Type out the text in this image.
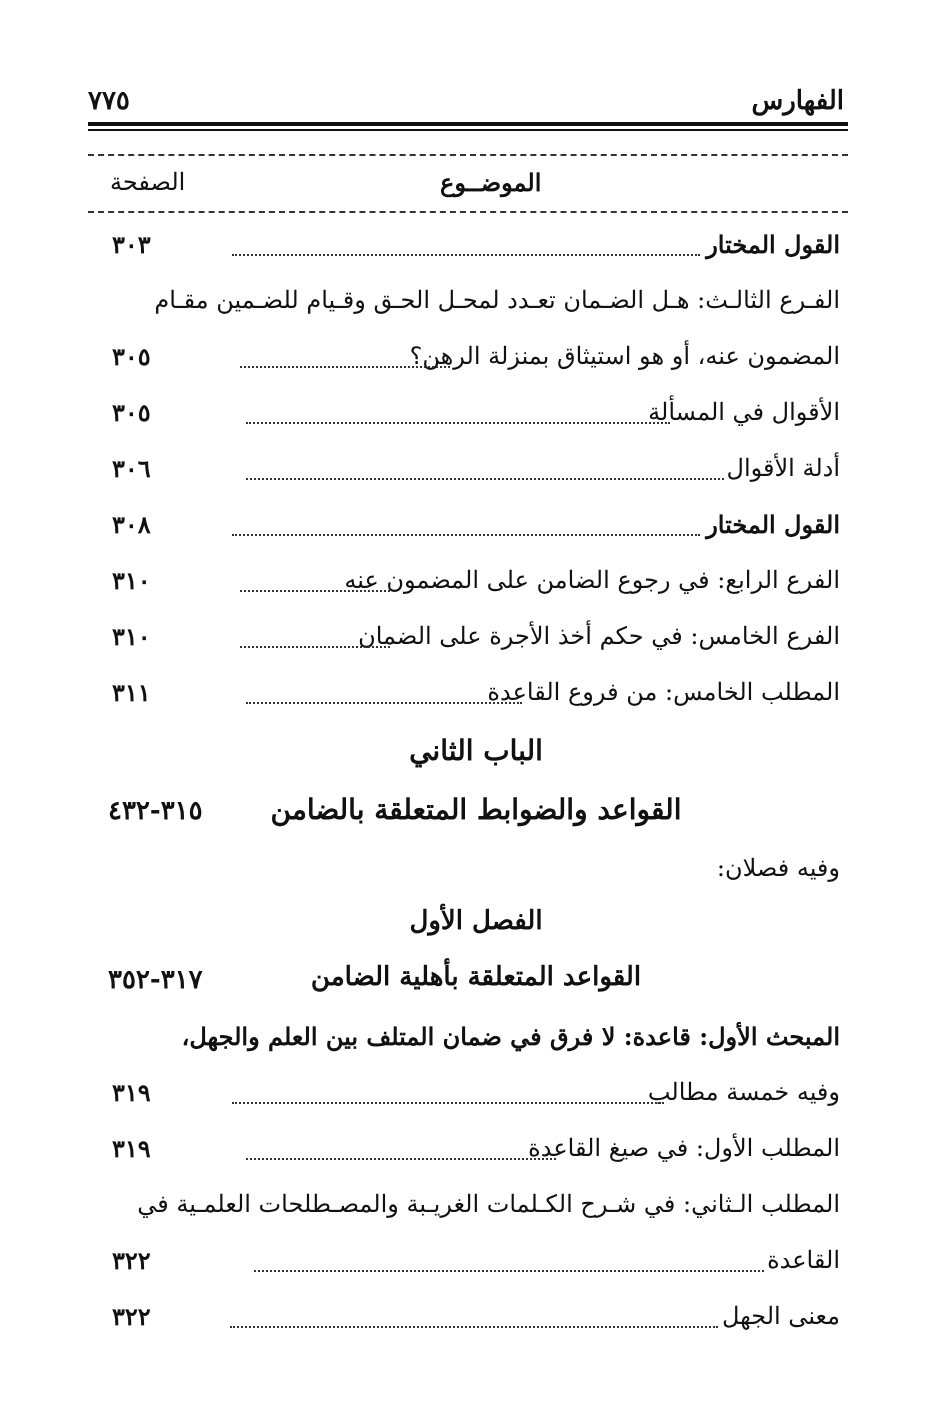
الفهارس
٧٧٥
الموضــوع
الصفحة
القول المختار
٣٠٣
الفـرع الثالـث: هـل الضـمان تعـدد لمحـل الحـق وقـيام للضـمين مقـام
المضمون عنه، أو هو استيثاق بمنزلة الرهن؟
٣٠٥
الأقوال في المسألة
٣٠٥
أدلة الأقوال
٣٠٦
القول المختار
٣٠٨
الفرع الرابع: في رجوع الضامن على المضمون عنه
٣١٠
الفرع الخامس: في حكم أخذ الأجرة على الضمان
٣١٠
المطلب الخامس: من فروع القاعدة
٣١١
الباب الثاني
القواعد والضوابط المتعلقة بالضامن
٣١٥-٤٣٢
وفيه فصلان:
الفصل الأول
القواعد المتعلقة بأهلية الضامن
٣١٧-٣٥٢
المبحث الأول: قاعدة: لا فرق في ضمان المتلف بين العلم والجهل،
وفيه خمسة مطالب
٣١٩
المطلب الأول: في صيغ القاعدة
٣١٩
المطلب الـثاني: في شـرح الكـلمات الغريـبة والمصـطلحات العلمـية في
القاعدة
٣٢٢
معنى الجهل
٣٢٢
